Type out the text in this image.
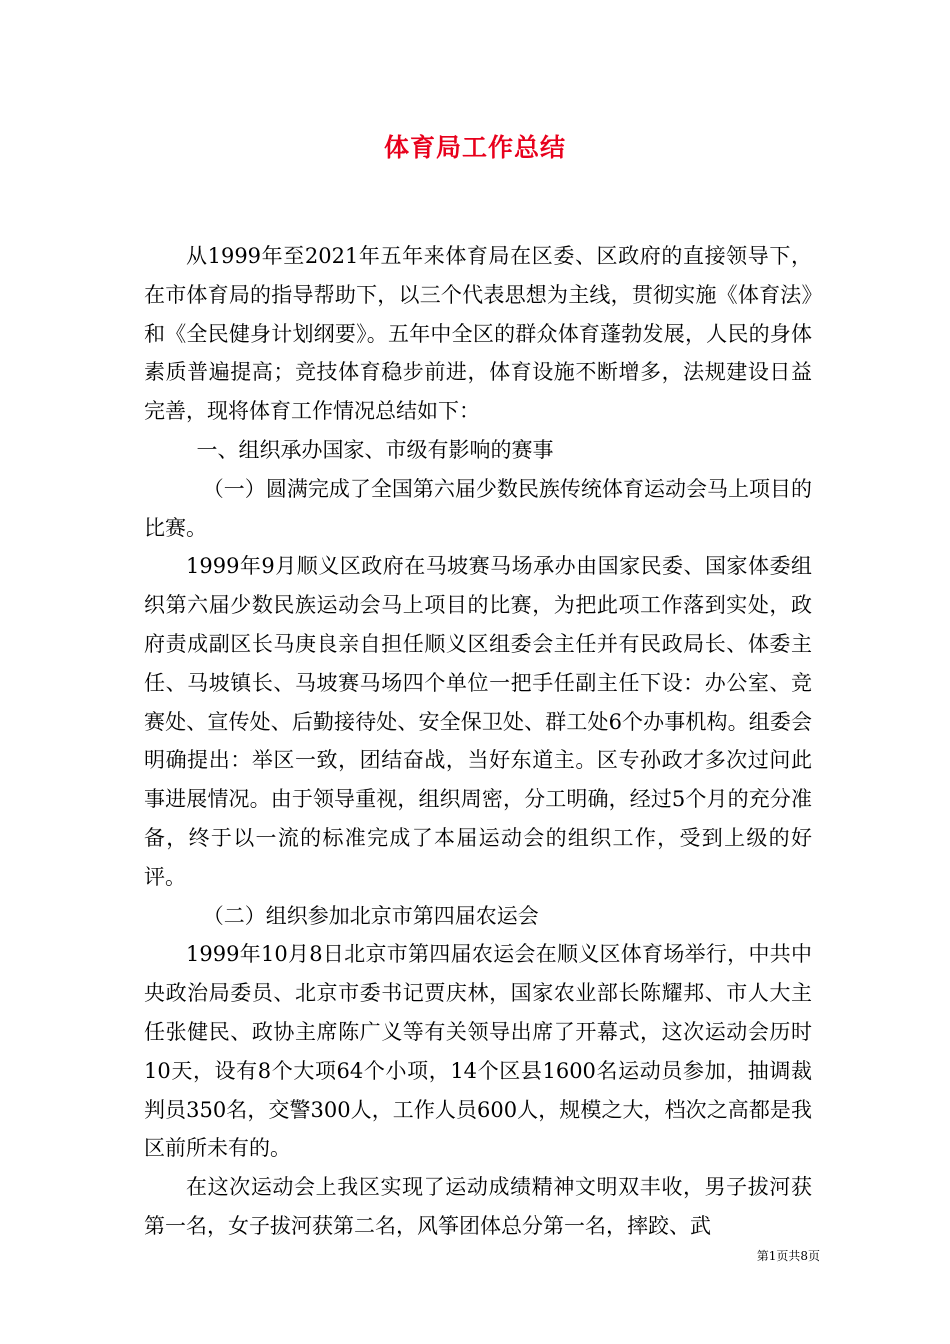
体育局工作总结

从1999年至2021年五年来体育局在区委、区政府的直接领导下，在市体育局的指导帮助下，以三个代表思想为主线，贯彻实施《体育法》和《全民健身计划纲要》。五年中全区的群众体育蓬勃发展，人民的身体素质普遍提高；竞技体育稳步前进，体育设施不断增多，法规建设日益完善，现将体育工作情况总结如下：

一、组织承办国家、市级有影响的赛事

（一）圆满完成了全国第六届少数民族传统体育运动会马上项目的比赛。

1999年9月顺义区政府在马坡赛马场承办由国家民委、国家体委组织第六届少数民族运动会马上项目的比赛，为把此项工作落到实处，政府责成副区长马庚良亲自担任顺义区组委会主任并有民政局长、体委主任、马坡镇长、马坡赛马场四个单位一把手任副主任下设：办公室、竞赛处、宣传处、后勤接待处、安全保卫处、群工处6个办事机构。组委会明确提出：举区一致，团结奋战，当好东道主。区专孙政才多次过问此事进展情况。由于领导重视，组织周密，分工明确，经过5个月的充分准备，终于以一流的标准完成了本届运动会的组织工作，受到上级的好评。

（二）组织参加北京市第四届农运会

1999年10月8日北京市第四届农运会在顺义区体育场举行，中共中央政治局委员、北京市委书记贾庆林，国家农业部长陈耀邦、市人大主任张健民、政协主席陈广义等有关领导出席了开幕式，这次运动会历时10天，设有8个大项64个小项，14个区县1600名运动员参加，抽调裁判员350名，交警300人，工作人员600人，规模之大，档次之高都是我区前所未有的。

在这次运动会上我区实现了运动成绩精神文明双丰收，男子拔河获第一名，女子拔河获第二名，风筝团体总分第一名，摔跤、武

第1页共8页
